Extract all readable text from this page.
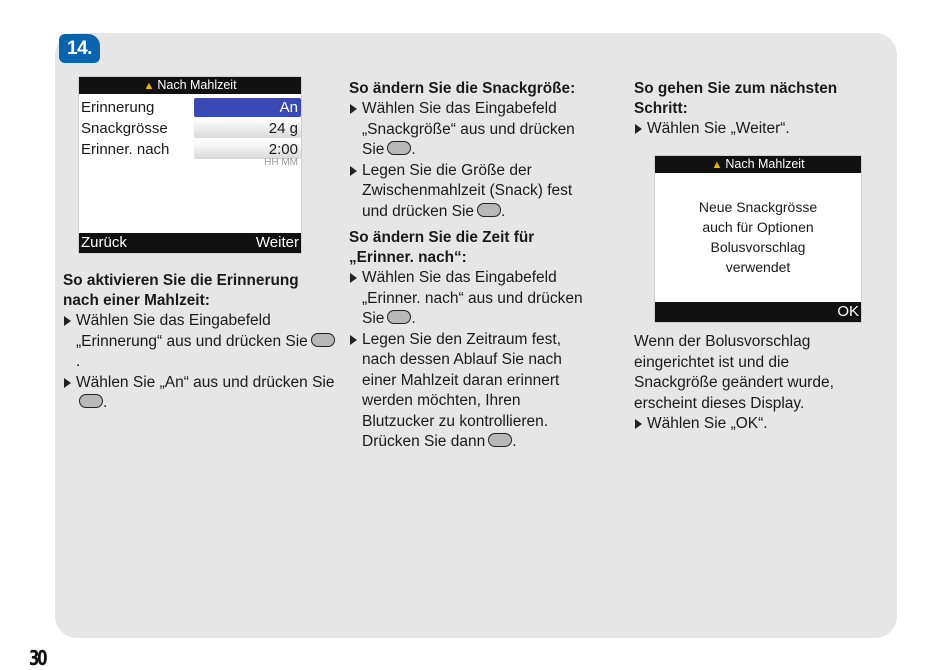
14.
▲ Nach Mahlzeit
Erinnerung	An
Snackgrösse	24 g
Erinner. nach	2:00
HH MM
Zurück	Weiter
So aktivieren Sie die Erinnerung nach einer Mahlzeit:
Wählen Sie das Eingabefeld „Erinnerung“ aus und drücken Sie.
Wählen Sie „An“ aus und drücken Sie.
So ändern Sie die Snackgröße:
Wählen Sie das Eingabefeld „Snackgröße“ aus und drücken Sie .
Legen Sie die Größe der Zwischenmahlzeit (Snack) fest und drücken Sie .
So ändern Sie die Zeit für „Erinner. nach“:
Wählen Sie das Eingabefeld „Erinner. nach“ aus und drücken Sie .
Legen Sie den Zeitraum fest, nach dessen Ablauf Sie nach einer Mahlzeit daran erinnert werden möchten, Ihren Blutzucker zu kontrollieren. Drücken Sie dann .
So gehen Sie zum nächsten Schritt:
Wählen Sie „Weiter“.
▲ Nach Mahlzeit
Neue Snackgrösse auch für Optionen Bolusvorschlag verwendet
OK
Wenn der Bolusvorschlag eingerichtet ist und die Snackgröße geändert wurde, erscheint dieses Display.
Wählen Sie „OK“.
30
